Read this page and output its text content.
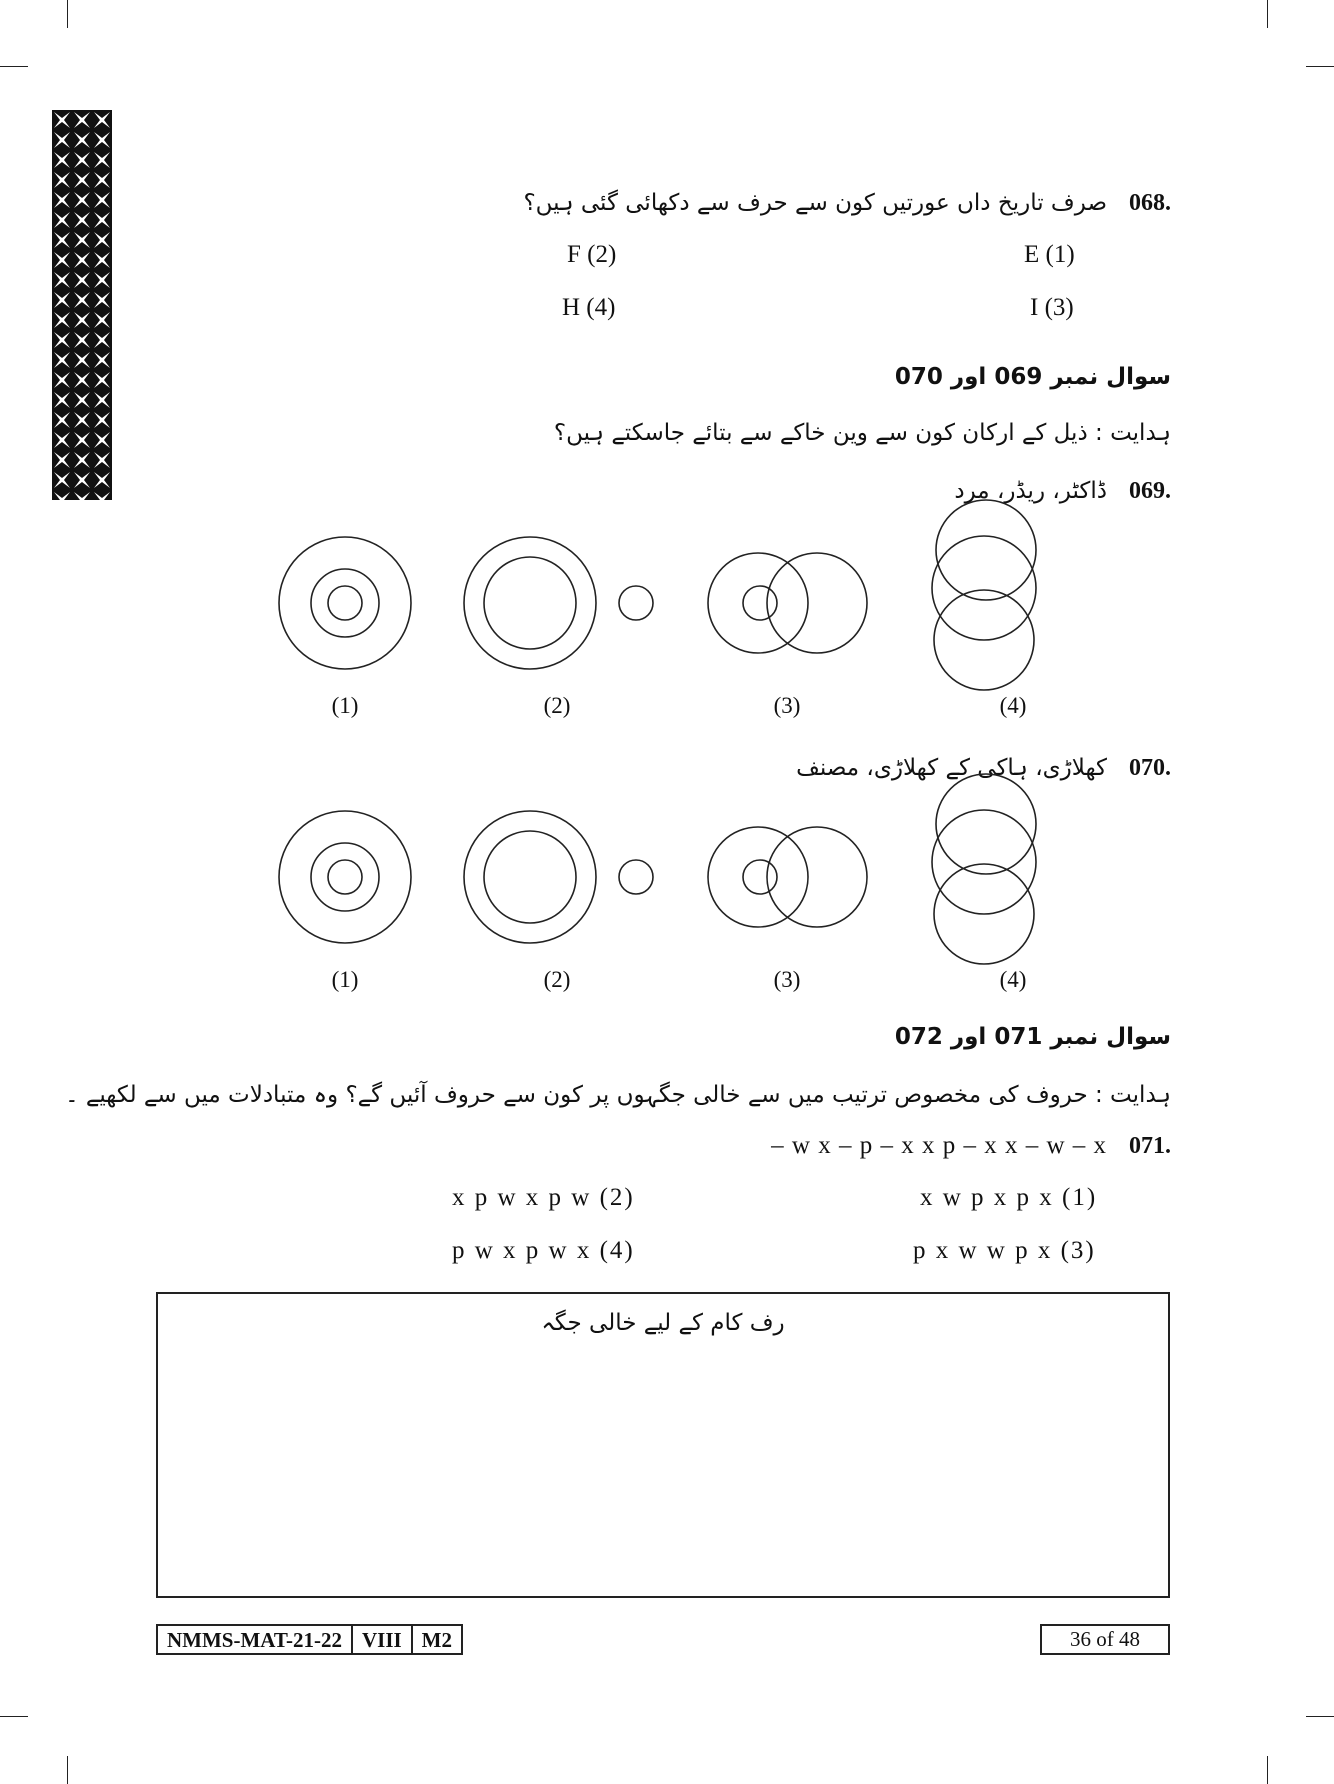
068.
صرف تاریخ داں عورتیں کون سے حرف سے دکھائی گئی ہیں؟
E (1)
F (2)
I (3)
H (4)
سوال نمبر 069 اور 070
ہدایت : ذیل کے ارکان کون سے وین خاکے سے بتائے جاسکتے ہیں؟
069.
ڈاکٹر، ریڈر، مرد
(1)	(2)	(3)	(4)
070.
کھلاڑی، ہاکی کے کھلاڑی، مصنف
(1)	(2)	(3)	(4)
سوال نمبر 071 اور 072
ہدایت : حروف کی مخصوص ترتیب میں سے خالی جگہوں پر کون سے حروف آئیں گے؟ وہ متبادلات میں سے لکھیے ۔
071.
– w x – p – x x p – x x – w – x
x w p x p x (1)
x p w x p w (2)
p x w w p x (3)
p w x p w x (4)
رف کام کے لیے خالی جگہ
NMMS-MAT-21-22 VIII M2	36 of 48
